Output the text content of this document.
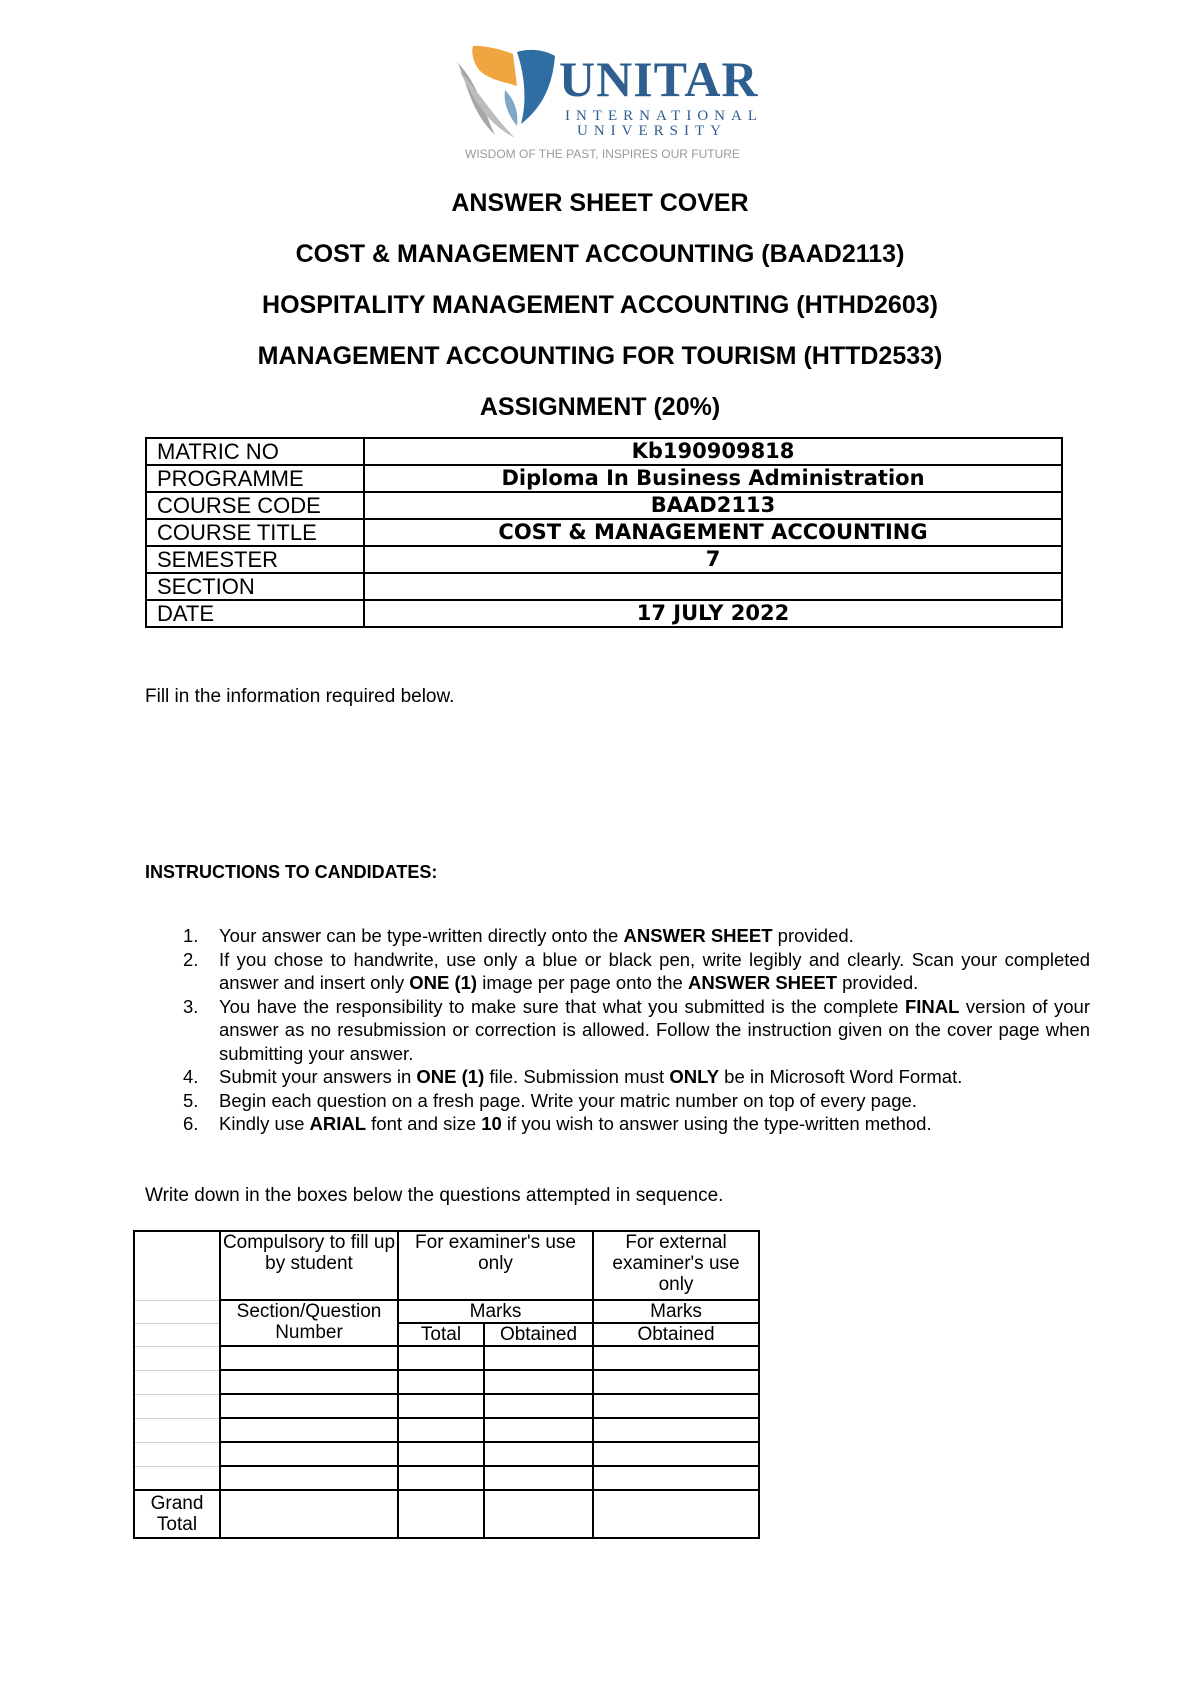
UNITAR
INTERNATIONAL
UNIVERSITY
WISDOM OF THE PAST, INSPIRES OUR FUTURE
ANSWER SHEET COVER
COST & MANAGEMENT ACCOUNTING (BAAD2113)
HOSPITALITY MANAGEMENT ACCOUNTING (HTHD2603)
MANAGEMENT ACCOUNTING FOR TOURISM (HTTD2533)
ASSIGNMENT (20%)
MATRIC NO	Kb190909818
PROGRAMME	Diploma In Business Administration
COURSE CODE	BAAD2113
COURSE TITLE	COST & MANAGEMENT ACCOUNTING
SEMESTER	7
SECTION	
DATE	17 JULY 2022
Fill in the information required below.
INSTRUCTIONS TO CANDIDATES:
1. Your answer can be type-written directly onto the ANSWER SHEET provided.
2. If you chose to handwrite, use only a blue or black pen, write legibly and clearly. Scan your completed answer and insert only ONE (1) image per page onto the ANSWER SHEET provided.
3. You have the responsibility to make sure that what you submitted is the complete FINAL version of your answer as no resubmission or correction is allowed. Follow the instruction given on the cover page when submitting your answer.
4. Submit your answers in ONE (1) file. Submission must ONLY be in Microsoft Word Format.
5. Begin each question on a fresh page. Write your matric number on top of every page.
6. Kindly use ARIAL font and size 10 if you wish to answer using the type-written method.
Write down in the boxes below the questions attempted in sequence.
	Compulsory to fill up by student	For examiner's use only		For external examiner's use only
	Section/Question Number	Marks		Marks
		Total	Obtained	Obtained

Grand Total				
